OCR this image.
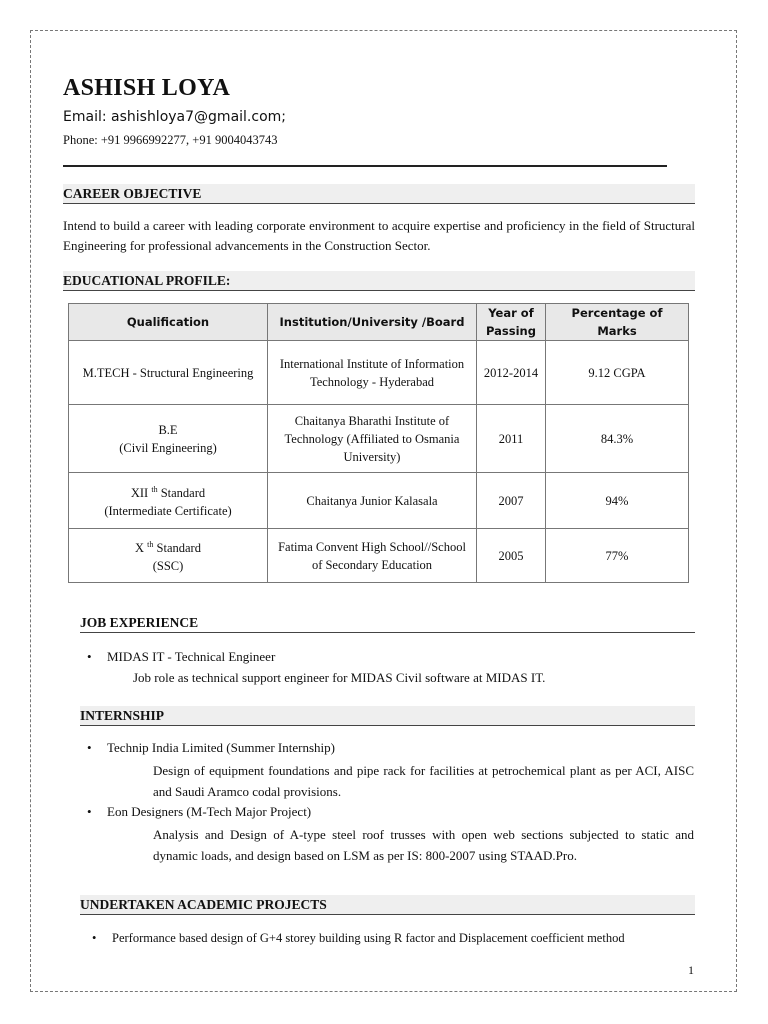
ASHISH LOYA
Email: ashishloya7@gmail.com;
Phone: +91 9966992277, +91 9004043743
CAREER OBJECTIVE
Intend to build a career with leading corporate environment to acquire expertise and proficiency in the field of Structural Engineering for professional advancements in the Construction Sector.
EDUCATIONAL PROFILE:
Qualification	Institution/University /Board	Year of Passing	Percentage of Marks
M.TECH - Structural Engineering	International Institute of Information Technology - Hyderabad	2012-2014	9.12 CGPA

B.E
(Civil Engineering)	Chaitanya Bharathi Institute of Technology (Affiliated to Osmania University)	2011	84.3%

XII $^{th}$ Standard
(Intermediate Certificate)	Chaitanya Junior Kalasala	2007	94%

X $^{th}$ Standard
(SSC)	Fatima Convent High School//School of Secondary Education	2005	77%
JOB EXPERIENCE
• MIDAS IT - Technical Engineer
Job role as technical support engineer for MIDAS Civil software at MIDAS IT.
INTERNSHIP
• Technip India Limited (Summer Internship)
Design of equipment foundations and pipe rack for facilities at petrochemical plant as per ACI, AISC and Saudi Aramco codal provisions.
• Eon Designers (M-Tech Major Project)
Analysis and Design of A-type steel roof trusses with open web sections subjected to static and dynamic loads, and design based on LSM as per IS: 800-2007 using STAAD.Pro.
UNDERTAKEN ACADEMIC PROJECTS
• Performance based design of G+4 storey building using R factor and Displacement coefficient method
1
